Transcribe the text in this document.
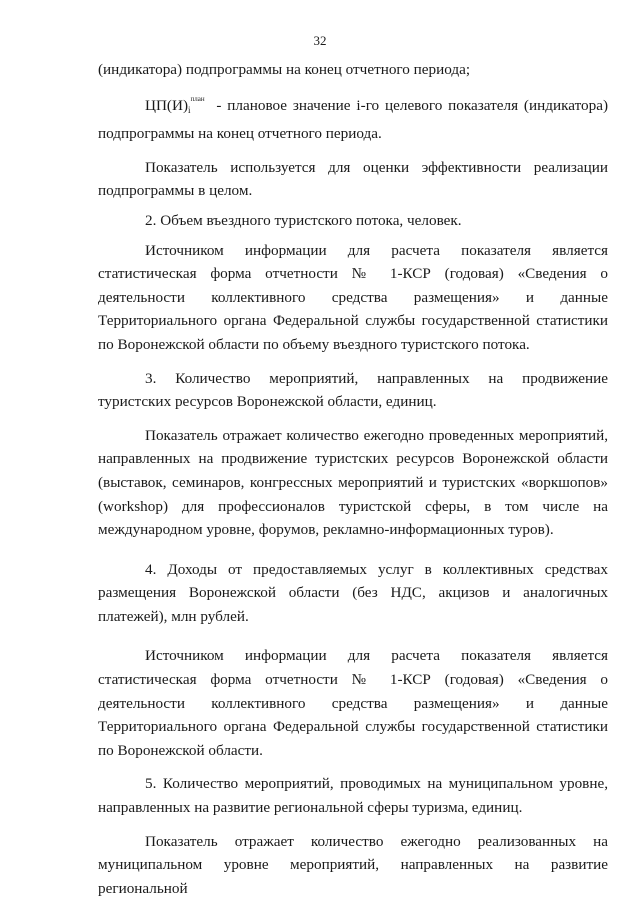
32

(индикатора) подпрограммы на конец отчетного периода;

$ЦП(И)_i^{план}$ - плановое значение i-го целевого показателя (индикатора) подпрограммы на конец отчетного периода.

Показатель используется для оценки эффективности реализации подпрограммы в целом.

2. Объем въездного туристского потока, человек.

Источником информации для расчета показателя является статистическая форма отчетности № 1-КСР (годовая) «Сведения о деятельности коллективного средства размещения» и данные Территориального органа Федеральной службы государственной статистики по Воронежской области по объему въездного туристского потока.

3. Количество мероприятий, направленных на продвижение туристских ресурсов Воронежской области, единиц.

Показатель отражает количество ежегодно проведенных мероприятий, направленных на продвижение туристских ресурсов Воронежской области (выставок, семинаров, конгрессных мероприятий и туристских «воркшопов» (workshop) для профессионалов туристской сферы, в том числе на международном уровне, форумов, рекламно-информационных туров).

4. Доходы от предоставляемых услуг в коллективных средствах размещения Воронежской области (без НДС, акцизов и аналогичных платежей), млн рублей.

Источником информации для расчета показателя является статистическая форма отчетности № 1-КСР (годовая) «Сведения о деятельности коллективного средства размещения» и данные Территориального органа Федеральной службы государственной статистики по Воронежской области.

5. Количество мероприятий, проводимых на муниципальном уровне, направленных на развитие региональной сферы туризма, единиц.

Показатель отражает количество ежегодно реализованных на муниципальном уровне мероприятий, направленных на развитие региональной
